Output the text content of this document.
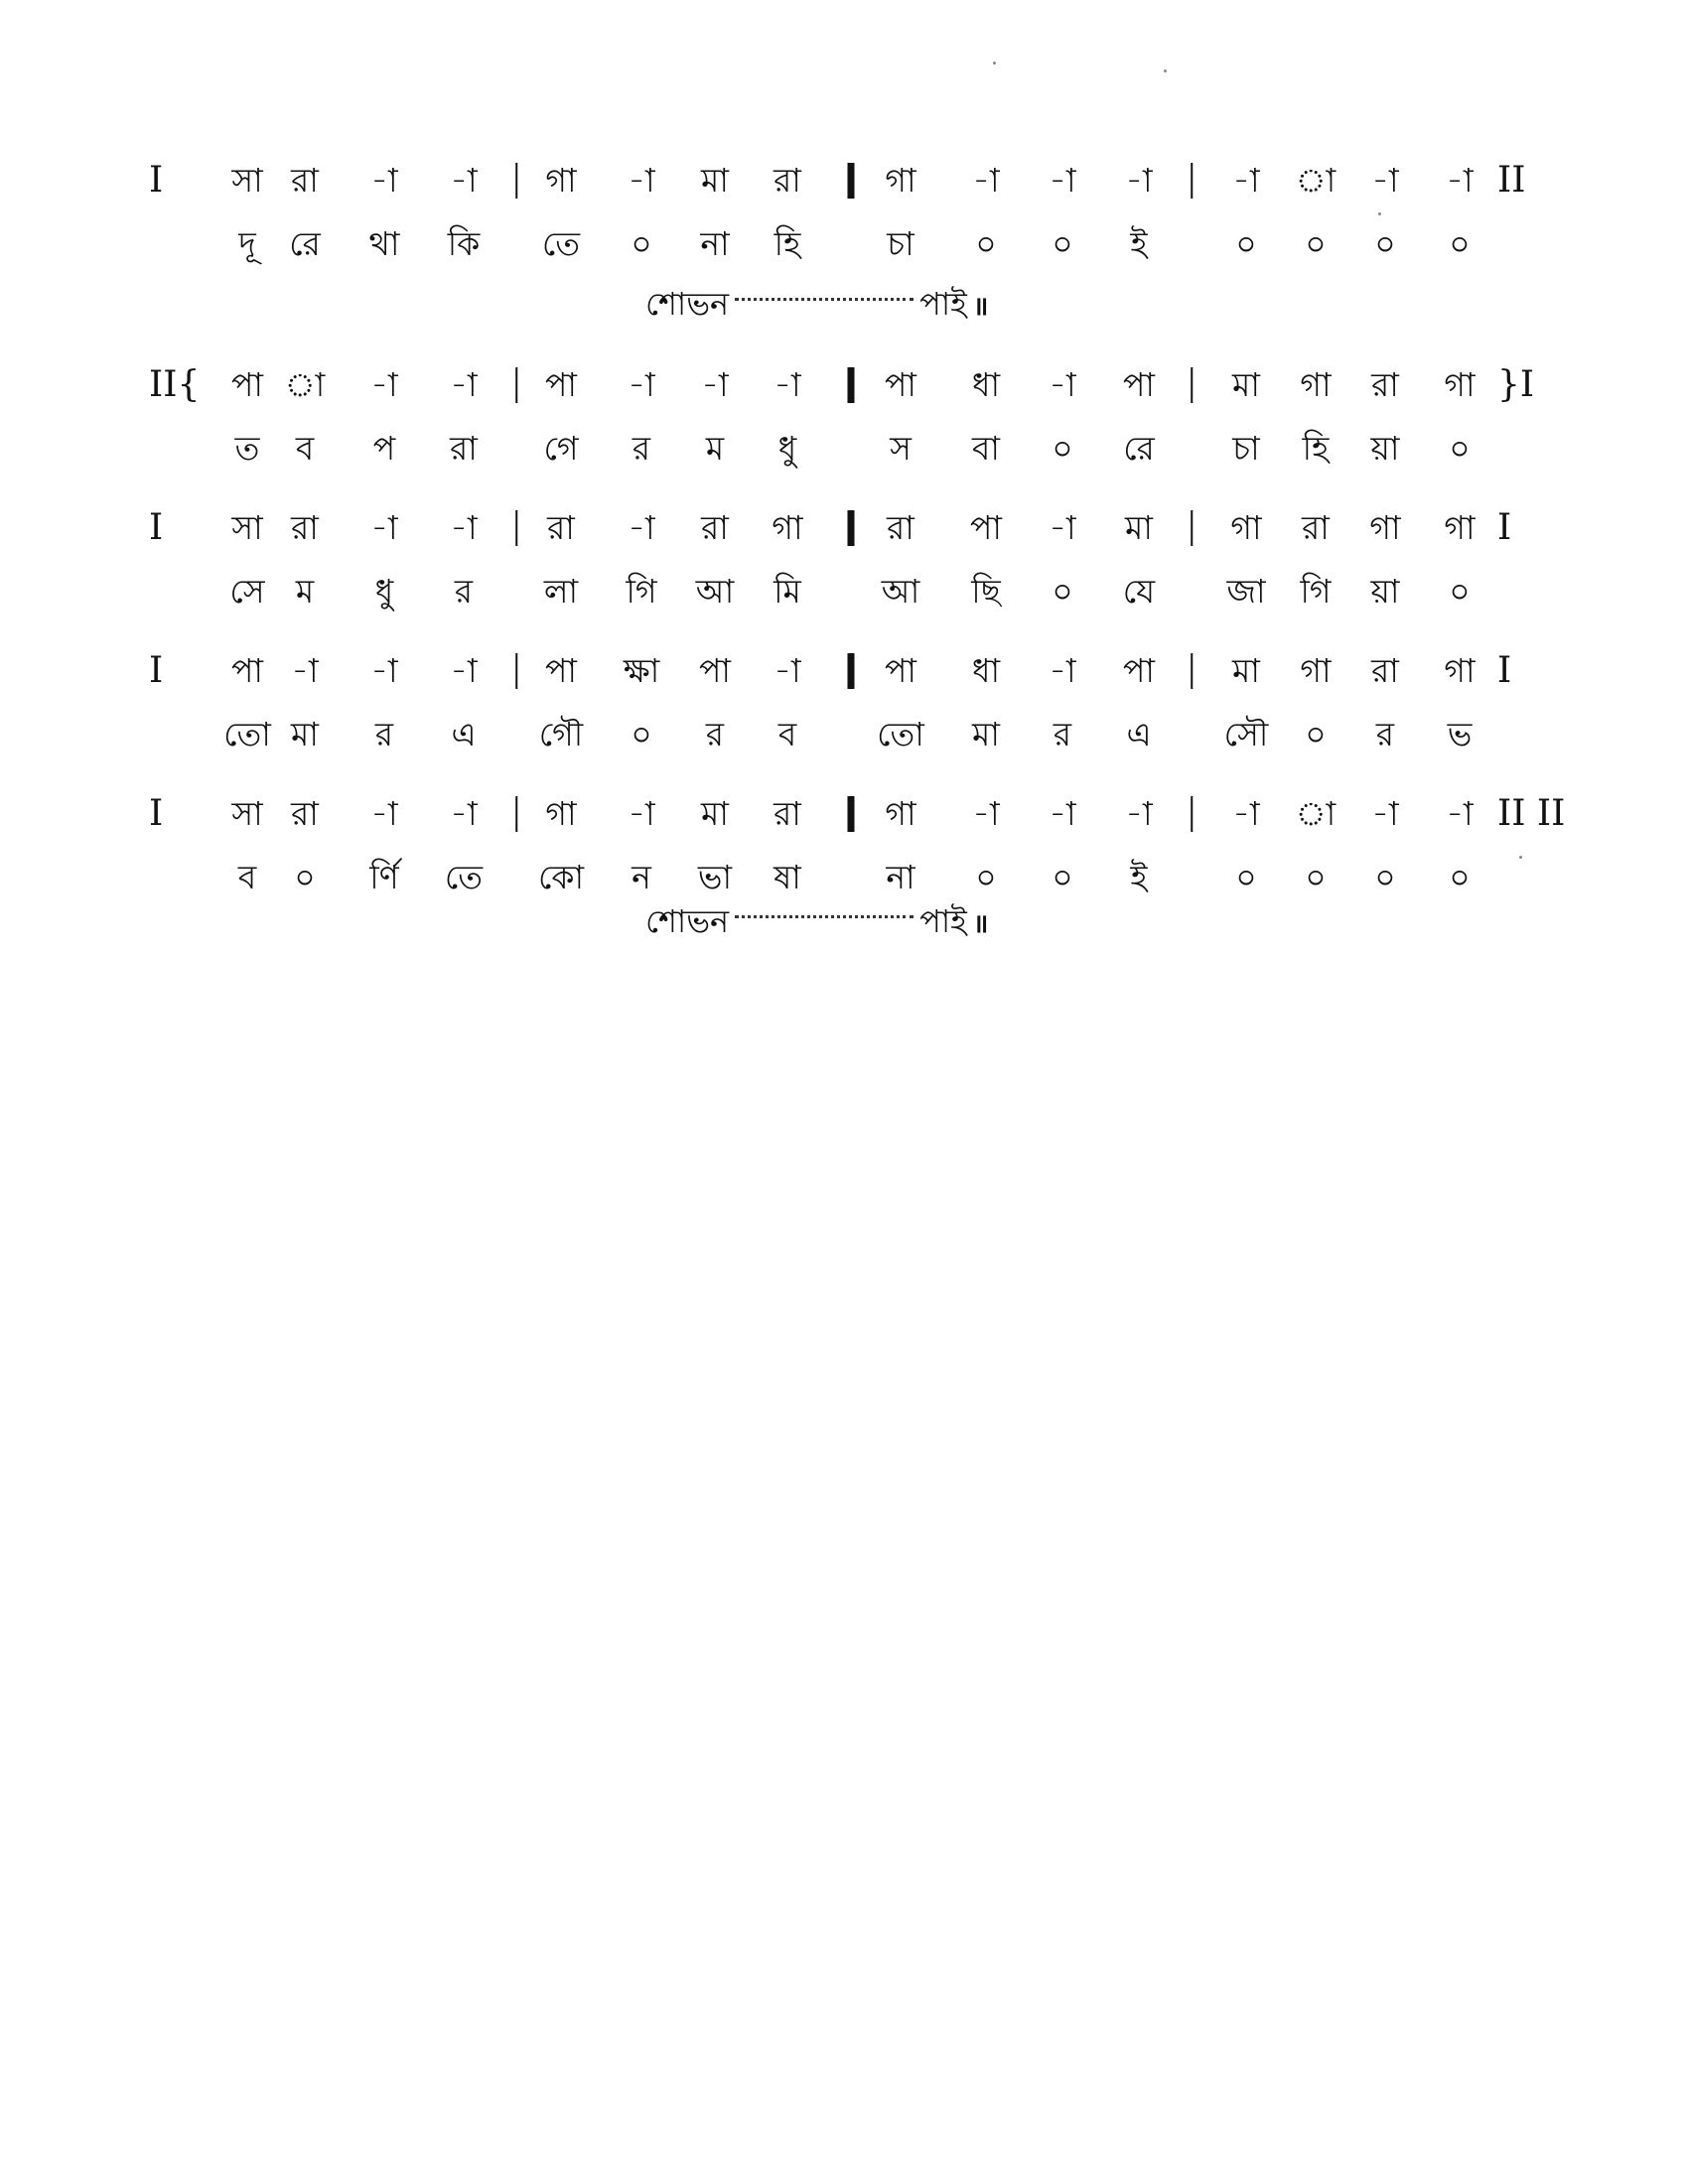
I সা রা -া -া গা -া মা রা	গা -া -া -া -া া -া -া II
দূ রে থা কি তে ০ না হি	চা ০ ০ ই	০ ০ ০ ০
শোভন	পাই ॥
II{ পা া -া -া পা -া -া -া	পা ধা -া পা মা গা রা গা }I
ত ব প রা গে র ম ধু	স বা ০ রে চা হি য়া ০
I সা রা -া -া রা -া রা গা	রা পা -া মা গা রা গা গা I
সে ম ধু র লা গি আ মি আ ছি ০ যে জা গি য়া ০
I পা -া -া -া পা ক্ষা পা -া	পা ধা -া পা মা গা রা গা I
তো মা র এ গৌ ০ র ব তো মা র এ সৌ ০ র ভ
I সা রা -া -া গা -া মা রা	গা -া -া -া -া া -া -া II II
ব ০ র্ণি তে কো ন ভা ষা	না ০ ০ ই	০ ০ ০ ০
শোভন	পাই ॥
